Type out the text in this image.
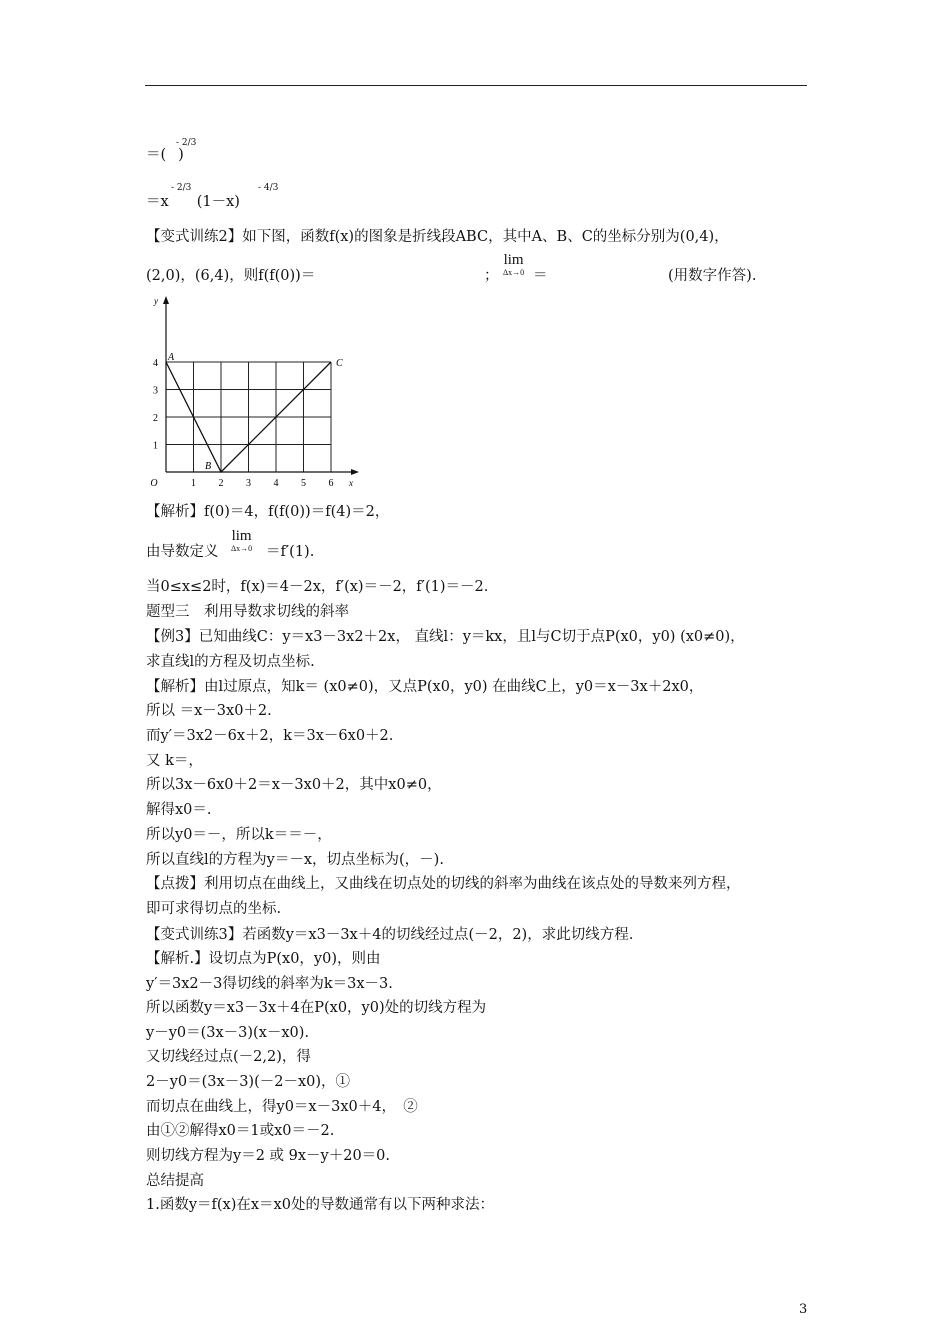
＝( )
- 2/3
＝x (1－x)
- 2/3	- 4/3
【变式训练2】如下图，函数f(x)的图象是折线段ABC，其中A、B、C的坐标分别为(0,4)，
(2,0)，(6,4)，则f(f(0))＝	；
lim
Δx→0 ＝	(用数字作答).
1 2 3 4 5 6
1
2
3
4
O	x
y
A
B
C
【解析】f(0)＝4，f(f(0))＝f(4)＝2，
由导数定义
lim
Δx→0 ＝f′(1).
当0≤x≤2时，f(x)＝4－2x，f′(x)＝－2，f′(1)＝－2.
题型三　利用导数求切线的斜率
【例3】已知曲线C：y＝x3－3x2＋2x， 直线l：y＝kx，且l与C切于点P(x0，y0) (x0≠0)，
求直线l的方程及切点坐标.
【解析】由l过原点，知k＝ (x0≠0)，又点P(x0，y0) 在曲线C上，y0＝x－3x＋2x0，
所以 ＝x－3x0＋2.
而y′＝3x2－6x＋2，k＝3x－6x0＋2.
又 k＝，
所以3x－6x0＋2＝x－3x0＋2，其中x0≠0，
解得x0＝.
所以y0＝－，所以k＝＝－，
所以直线l的方程为y＝－x，切点坐标为(，－).
【点拨】利用切点在曲线上，又曲线在切点处的切线的斜率为曲线在该点处的导数来列方程，
即可求得切点的坐标.
【变式训练3】若函数y＝x3－3x＋4的切线经过点(－2，2)，求此切线方程.
【解析.】设切点为P(x0，y0)，则由
y′＝3x2－3得切线的斜率为k＝3x－3.
所以函数y＝x3－3x＋4在P(x0，y0)处的切线方程为
y－y0＝(3x－3)(x－x0).
又切线经过点(－2,2)，得
2－y0＝(3x－3)(－2－x0)，①
而切点在曲线上，得y0＝x－3x0＋4，　②
由①②解得x0＝1或x0＝－2.
则切线方程为y＝2 或 9x－y＋20＝0.
总结提高
1.函数y＝f(x)在x＝x0处的导数通常有以下两种求法：
3
